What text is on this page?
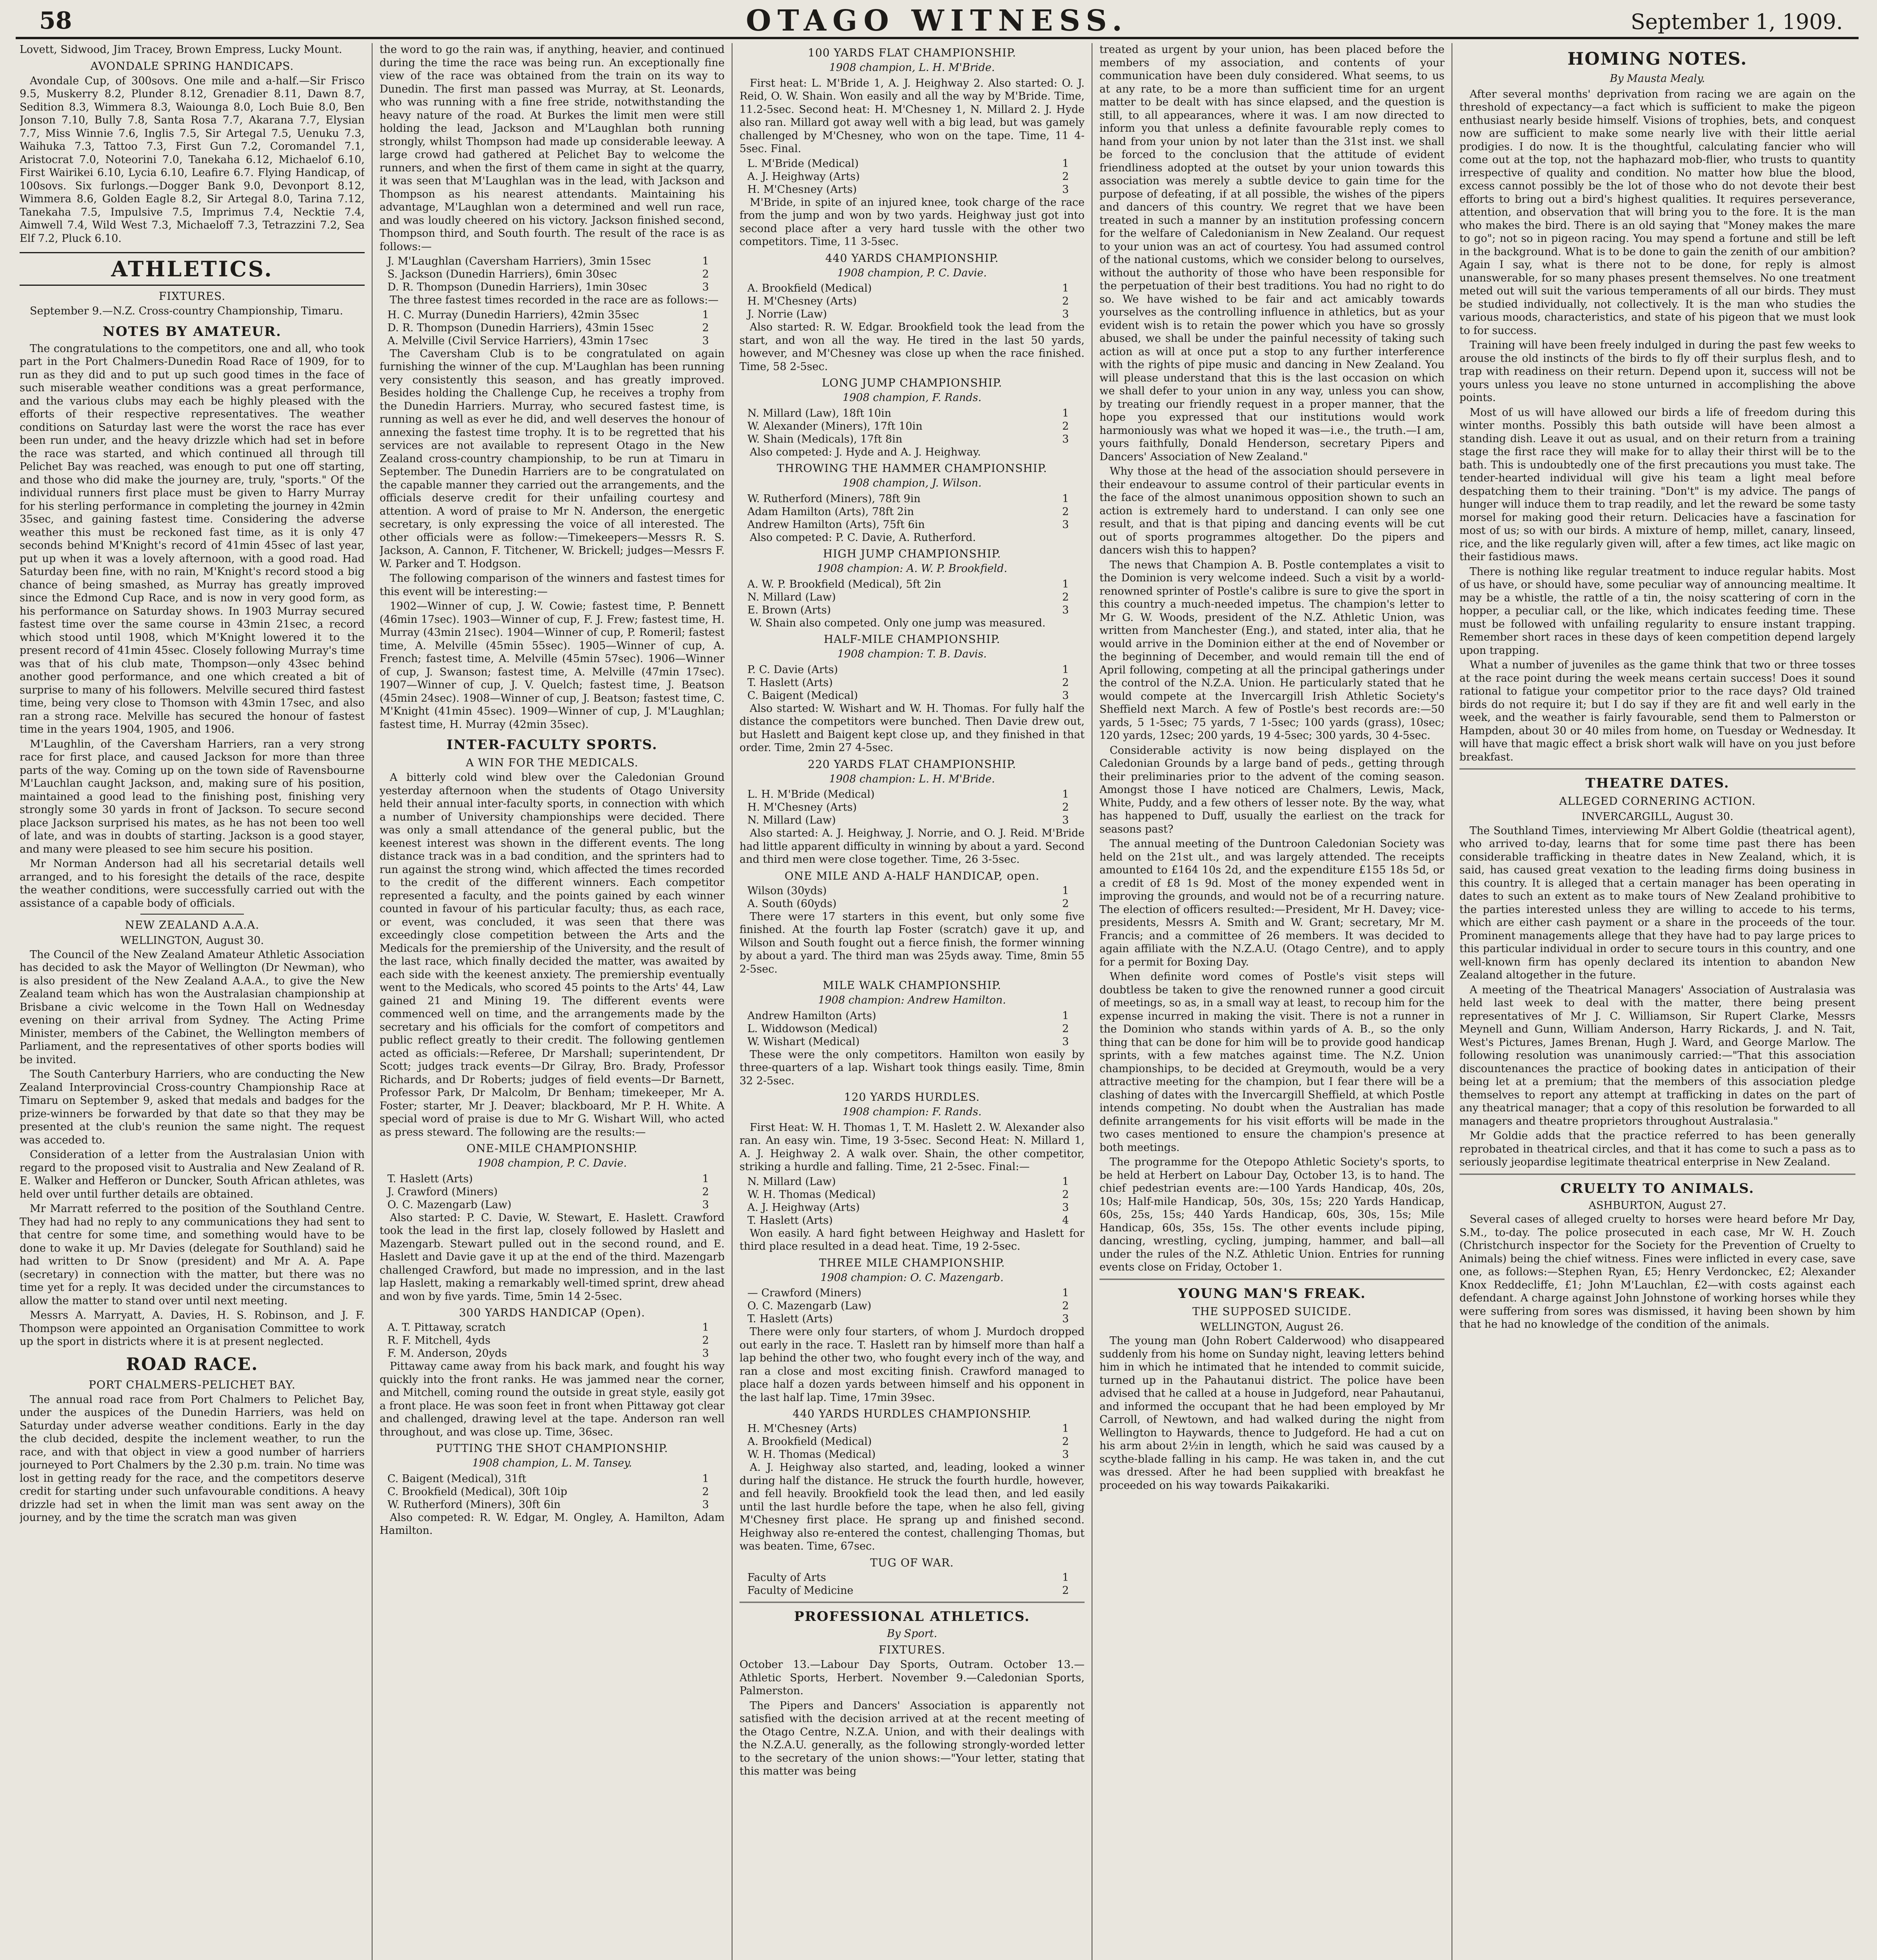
58	OTAGO WITNESS.	September 1, 1909.

Lovett, Sidwood, Jim Tracey, Brown Empress, Lucky Mount.

AVONDALE SPRING HANDICAPS.

Avondale Cup, of 300sovs. One mile and a-half.—Sir Frisco 9.5, Muskerry 8.2, Plunder 8.12, Grenadier 8.11, Dawn 8.7, Sedition 8.3, Wimmera 8.3, Waiounga 8.0, Loch Buie 8.0, Ben Jonson 7.10, Bully 7.8, Santa Rosa 7.7, Akarana 7.7, Elysian 7.7, Miss Winnie 7.6, Inglis 7.5, Sir Artegal 7.5, Uenuku 7.3, Waihuka 7.3, Tattoo 7.3, First Gun 7.2, Coromandel 7.1, Aristocrat 7.0, Noteorini 7.0, Tanekaha 6.12, Michaelof 6.10, First Wairikei 6.10, Lycia 6.10, Leafire 6.7. Flying Handicap, of 100sovs. Six furlongs.—Dogger Bank 9.0, Devonport 8.12, Wimmera 8.6, Golden Eagle 8.2, Sir Artegal 8.0, Tarina 7.12, Tanekaha 7.5, Impulsive 7.5, Imprimus 7.4, Necktie 7.4, Aimwell 7.4, Wild West 7.3, Michaeloff 7.3, Tetrazzini 7.2, Sea Elf 7.2, Pluck 6.10.

ATHLETICS.
FIXTURES.

September 9.—N.Z. Cross-country Championship, Timaru.

NOTES BY AMATEUR.

The congratulations to the competitors, one and all, who took part in the Port Chalmers-Dunedin Road Race of 1909, for to run as they did and to put up such good times in the face of such miserable weather conditions was a great performance, and the various clubs may each be highly pleased with the efforts of their respective representatives. The weather conditions on Saturday last were the worst the race has ever been run under, and the heavy drizzle which had set in before the race was started, and which continued all through till Pelichet Bay was reached, was enough to put one off starting, and those who did make the journey are, truly, "sports." Of the individual runners first place must be given to Harry Murray for his sterling performance in completing the journey in 42min 35sec, and gaining fastest time. Considering the adverse weather this must be reckoned fast time, as it is only 47 seconds behind M'Knight's record of 41min 45sec of last year, put up when it was a lovely afternoon, with a good road. Had Saturday been fine, with no rain, M'Knight's record stood a big chance of being smashed, as Murray has greatly improved since the Edmond Cup Race, and is now in very good form, as his performance on Saturday shows. In 1903 Murray secured fastest time over the same course in 43min 21sec, a record which stood until 1908, which M'Knight lowered it to the present record of 41min 45sec. Closely following Murray's time was that of his club mate, Thompson—only 43sec behind another good performance, and one which created a bit of surprise to many of his followers. Melville secured third fastest time, being very close to Thomson with 43min 17sec, and also ran a strong race. Melville has secured the honour of fastest time in the years 1904, 1905, and 1906.

M'Laughlin, of the Caversham Harriers, ran a very strong race for first place, and caused Jackson for more than three parts of the way. Coming up on the town side of Ravensbourne M'Lauchlan caught Jackson, and, making sure of his position, maintained a good lead to the finishing post, finishing very strongly some 30 yards in front of Jackson. To secure second place Jackson surprised his mates, as he has not been too well of late, and was in doubts of starting. Jackson is a good stayer, and many were pleased to see him secure his position.

Mr Norman Anderson had all his secretarial details well arranged, and to his foresight the details of the race, despite the weather conditions, were successfully carried out with the assistance of a capable body of officials.

NEW ZEALAND A.A.A.
WELLINGTON, August 30.

The Council of the New Zealand Amateur Athletic Association has decided to ask the Mayor of Wellington (Dr Newman), who is also president of the New Zealand A.A.A., to give the New Zealand team which has won the Australasian championship at Brisbane a civic welcome in the Town Hall on Wednesday evening on their arrival from Sydney. The Acting Prime Minister, members of the Cabinet, the Wellington members of Parliament, and the representatives of other sports bodies will be invited.

The South Canterbury Harriers, who are conducting the New Zealand Interprovincial Cross-country Championship Race at Timaru on September 9, asked that medals and badges for the prize-winners be forwarded by that date so that they may be presented at the club's reunion the same night. The request was acceded to.

Consideration of a letter from the Australasian Union with regard to the proposed visit to Australia and New Zealand of R. E. Walker and Hefferon or Duncker, South African athletes, was held over until further details are obtained.

Mr Marratt referred to the position of the Southland Centre. They had had no reply to any communications they had sent to that centre for some time, and something would have to be done to wake it up. Mr Davies (delegate for Southland) said he had written to Dr Snow (president) and Mr A. A. Pape (secretary) in connection with the matter, but there was no time yet for a reply. It was decided under the circumstances to allow the matter to stand over until next meeting.

Messrs A. Marryatt, A. Davies, H. S. Robinson, and J. F. Thompson were appointed an Organisation Committee to work up the sport in districts where it is at present neglected.

ROAD RACE.
PORT CHALMERS-PELICHET BAY.

The annual road race from Port Chalmers to Pelichet Bay, under the auspices of the Dunedin Harriers, was held on Saturday under adverse weather conditions. Early in the day the club decided, despite the inclement weather, to run the race, and with that object in view a good number of harriers journeyed to Port Chalmers by the 2.30 p.m. train. No time was lost in getting ready for the race, and the competitors deserve credit for starting under such unfavourable conditions. A heavy drizzle had set in when the limit man was sent away on the journey, and by the time the scratch man was given

the word to go the rain was, if anything, heavier, and continued during the time the race was being run. An exceptionally fine view of the race was obtained from the train on its way to Dunedin. The first man passed was Murray, at St. Leonards, who was running with a fine free stride, notwithstanding the heavy nature of the road. At Burkes the limit men were still holding the lead, Jackson and M'Laughlan both running strongly, whilst Thompson had made up considerable leeway. A large crowd had gathered at Pelichet Bay to welcome the runners, and when the first of them came in sight at the quarry, it was seen that M'Laughlan was in the lead, with Jackson and Thompson as his nearest attendants. Maintaining his advantage, M'Laughlan won a determined and well run race, and was loudly cheered on his victory. Jackson finished second, Thompson third, and South fourth. The result of the race is as follows:—

J. M'Laughlan (Caversham Harriers), 3min 15sec	1
S. Jackson (Dunedin Harriers), 6min 30sec	2
D. R. Thompson (Dunedin Harriers), 1min 30sec	3

The three fastest times recorded in the race are as follows:—

H. C. Murray (Dunedin Harriers), 42min 35sec	1
D. R. Thompson (Dunedin Harriers), 43min 15sec	2
A. Melville (Civil Service Harriers), 43min 17sec	3

The Caversham Club is to be congratulated on again furnishing the winner of the cup. M'Laughlan has been running very consistently this season, and has greatly improved. Besides holding the Challenge Cup, he receives a trophy from the Dunedin Harriers. Murray, who secured fastest time, is running as well as ever he did, and well deserves the honour of annexing the fastest time trophy. It is to be regretted that his services are not available to represent Otago in the New Zealand cross-country championship, to be run at Timaru in September. The Dunedin Harriers are to be congratulated on the capable manner they carried out the arrangements, and the officials deserve credit for their unfailing courtesy and attention. A word of praise to Mr N. Anderson, the energetic secretary, is only expressing the voice of all interested. The other officials were as follow:—Timekeepers—Messrs R. S. Jackson, A. Cannon, F. Titchener, W. Brickell; judges—Messrs F. W. Parker and T. Hodgson.

The following comparison of the winners and fastest times for this event will be interesting:—

1902—Winner of cup, J. W. Cowie; fastest time, P. Bennett (46min 17sec). 1903—Winner of cup, F. J. Frew; fastest time, H. Murray (43min 21sec). 1904—Winner of cup, P. Romeril; fastest time, A. Melville (45min 55sec). 1905—Winner of cup, A. French; fastest time, A. Melville (45min 57sec). 1906—Winner of cup, J. Swanson; fastest time, A. Melville (47min 17sec). 1907—Winner of cup, J. V. Quelch; fastest time, J. Beatson (45min 24sec). 1908—Winner of cup, J. Beatson; fastest time, C. M'Knight (41min 45sec). 1909—Winner of cup, J. M'Laughlan; fastest time, H. Murray (42min 35sec).

INTER-FACULTY SPORTS.
A WIN FOR THE MEDICALS.

A bitterly cold wind blew over the Caledonian Ground yesterday afternoon when the students of Otago University held their annual inter-faculty sports, in connection with which a number of University championships were decided. There was only a small attendance of the general public, but the keenest interest was shown in the different events. The long distance track was in a bad condition, and the sprinters had to run against the strong wind, which affected the times recorded to the credit of the different winners. Each competitor represented a faculty, and the points gained by each winner counted in favour of his particular faculty; thus, as each race, or event, was concluded, it was seen that there was exceedingly close competition between the Arts and the Medicals for the premiership of the University, and the result of the last race, which finally decided the matter, was awaited by each side with the keenest anxiety. The premiership eventually went to the Medicals, who scored 45 points to the Arts' 44, Law gained 21 and Mining 19. The different events were commenced well on time, and the arrangements made by the secretary and his officials for the comfort of competitors and public reflect greatly to their credit. The following gentlemen acted as officials:—Referee, Dr Marshall; superintendent, Dr Scott; judges track events—Dr Gilray, Bro. Brady, Professor Richards, and Dr Roberts; judges of field events—Dr Barnett, Professor Park, Dr Malcolm, Dr Benham; timekeeper, Mr A. Foster; starter, Mr J. Deaver; blackboard, Mr P. H. White. A special word of praise is due to Mr G. Wishart Will, who acted as press steward. The following are the results:—

ONE-MILE CHAMPIONSHIP.
1908 champion, P. C. Davie.
T. Haslett (Arts)	1
J. Crawford (Miners)	2
O. C. Mazengarb (Law)	3

Also started: P. C. Davie, W. Stewart, E. Haslett. Crawford took the lead in the first lap, closely followed by Haslett and Mazengarb. Stewart pulled out in the second round, and E. Haslett and Davie gave it up at the end of the third. Mazengarb challenged Crawford, but made no impression, and in the last lap Haslett, making a remarkably well-timed sprint, drew ahead and won by five yards. Time, 5min 14 2-5sec.

300 YARDS HANDICAP (Open).
A. T. Pittaway, scratch	1
R. F. Mitchell, 4yds	2
F. M. Anderson, 20yds	3

Pittaway came away from his back mark, and fought his way quickly into the front ranks. He was jammed near the corner, and Mitchell, coming round the outside in great style, easily got a front place. He was soon feet in front when Pittaway got clear and challenged, drawing level at the tape. Anderson ran well throughout, and was close up. Time, 36sec.

PUTTING THE SHOT CHAMPIONSHIP.
1908 champion, L. M. Tansey.
C. Baigent (Medical), 31ft	1
C. Brookfield (Medical), 30ft 10ip	2
W. Rutherford (Miners), 30ft 6in	3

Also competed: R. W. Edgar, M. Ongley, A. Hamilton, Adam Hamilton.

100 YARDS FLAT CHAMPIONSHIP.
1908 champion, L. H. M'Bride.

First heat: L. M'Bride 1, A. J. Heighway 2. Also started: O. J. Reid, O. W. Shain. Won easily and all the way by M'Bride. Time, 11.2-5sec. Second heat: H. M'Chesney 1, N. Millard 2. J. Hyde also ran. Millard got away well with a big lead, but was gamely challenged by M'Chesney, who won on the tape. Time, 11 4-5sec. Final.

L. M'Bride (Medical)	1
A. J. Heighway (Arts)	2
H. M'Chesney (Arts)	3

M'Bride, in spite of an injured knee, took charge of the race from the jump and won by two yards. Heighway just got into second place after a very hard tussle with the other two competitors. Time, 11 3-5sec.

440 YARDS CHAMPIONSHIP.
1908 champion, P. C. Davie.
A. Brookfield (Medical)	1
H. M'Chesney (Arts)	2
J. Norrie (Law)	3

Also started: R. W. Edgar. Brookfield took the lead from the start, and won all the way. He tired in the last 50 yards, however, and M'Chesney was close up when the race finished. Time, 58 2-5sec.

LONG JUMP CHAMPIONSHIP.
1908 champion, F. Rands.
N. Millard (Law), 18ft 10in	1
W. Alexander (Miners), 17ft 10in	2
W. Shain (Medicals), 17ft 8in	3

Also competed: J. Hyde and A. J. Heighway.

THROWING THE HAMMER CHAMPIONSHIP.
1908 champion, J. Wilson.
W. Rutherford (Miners), 78ft 9in	1
Adam Hamilton (Arts), 78ft 2in	2
Andrew Hamilton (Arts), 75ft 6in	3

Also competed: P. C. Davie, A. Rutherford.

HIGH JUMP CHAMPIONSHIP.
1908 champion: A. W. P. Brookfield.
A. W. P. Brookfield (Medical), 5ft 2in	1
N. Millard (Law)	2
E. Brown (Arts)	3

W. Shain also competed. Only one jump was measured.

HALF-MILE CHAMPIONSHIP.
1908 champion: T. B. Davis.
P. C. Davie (Arts)	1
T. Haslett (Arts)	2
C. Baigent (Medical)	3

Also started: W. Wishart and W. H. Thomas. For fully half the distance the competitors were bunched. Then Davie drew out, but Haslett and Baigent kept close up, and they finished in that order. Time, 2min 27 4-5sec.

220 YARDS FLAT CHAMPIONSHIP.
1908 champion: L. H. M'Bride.
L. H. M'Bride (Medical)	1
H. M'Chesney (Arts)	2
N. Millard (Law)	3

Also started: A. J. Heighway, J. Norrie, and O. J. Reid. M'Bride had little apparent difficulty in winning by about a yard. Second and third men were close together. Time, 26 3-5sec.

ONE MILE AND A-HALF HANDICAP, open.
Wilson (30yds)	1
A. South (60yds)	2

There were 17 starters in this event, but only some five finished. At the fourth lap Foster (scratch) gave it up, and Wilson and South fought out a fierce finish, the former winning by about a yard. The third man was 25yds away. Time, 8min 55 2-5sec.

MILE WALK CHAMPIONSHIP.
1908 champion: Andrew Hamilton.
Andrew Hamilton (Arts)	1
L. Widdowson (Medical)	2
W. Wishart (Medical)	3

These were the only competitors. Hamilton won easily by three-quarters of a lap. Wishart took things easily. Time, 8min 32 2-5sec.

120 YARDS HURDLES.
1908 champion: F. Rands.

First Heat: W. H. Thomas 1, T. M. Haslett 2. W. Alexander also ran. An easy win. Time, 19 3-5sec. Second Heat: N. Millard 1, A. J. Heighway 2. A walk over. Shain, the other competitor, striking a hurdle and falling. Time, 21 2-5sec. Final:—

N. Millard (Law)	1
W. H. Thomas (Medical)	2
A. J. Heighway (Arts)	3
T. Haslett (Arts)	4

Won easily. A hard fight between Heighway and Haslett for third place resulted in a dead heat. Time, 19 2-5sec.

THREE MILE CHAMPIONSHIP.
1908 champion: O. C. Mazengarb.
— Crawford (Miners)	1
O. C. Mazengarb (Law)	2
T. Haslett (Arts)	3

There were only four starters, of whom J. Murdoch dropped out early in the race. T. Haslett ran by himself more than half a lap behind the other two, who fought every inch of the way, and ran a close and most exciting finish. Crawford managed to place half a dozen yards between himself and his opponent in the last half lap. Time, 17min 39sec.

440 YARDS HURDLES CHAMPIONSHIP.
H. M'Chesney (Arts)	1
A. Brookfield (Medical)	2
W. H. Thomas (Medical)	3

A. J. Heighway also started, and, leading, looked a winner during half the distance. He struck the fourth hurdle, however, and fell heavily. Brookfield took the lead then, and led easily until the last hurdle before the tape, when he also fell, giving M'Chesney first place. He sprang up and finished second. Heighway also re-entered the contest, challenging Thomas, but was beaten. Time, 67sec.

TUG OF WAR.
Faculty of Arts	1
Faculty of Medicine	2
PROFESSIONAL ATHLETICS.
By Sport.
FIXTURES.

October 13.—Labour Day Sports, Outram. October 13.—Athletic Sports, Herbert. November 9.—Caledonian Sports, Palmerston.

The Pipers and Dancers' Association is apparently not satisfied with the decision arrived at at the recent meeting of the Otago Centre, N.Z.A. Union, and with their dealings with the N.Z.A.U. generally, as the following strongly-worded letter to the secretary of the union shows:—"Your letter, stating that this matter was being

treated as urgent by your union, has been placed before the members of my association, and contents of your communication have been duly considered. What seems, to us at any rate, to be a more than sufficient time for an urgent matter to be dealt with has since elapsed, and the question is still, to all appearances, where it was. I am now directed to inform you that unless a definite favourable reply comes to hand from your union by not later than the 31st inst. we shall be forced to the conclusion that the attitude of evident friendliness adopted at the outset by your union towards this association was merely a subtle device to gain time for the purpose of defeating, if at all possible, the wishes of the pipers and dancers of this country. We regret that we have been treated in such a manner by an institution professing concern for the welfare of Caledonianism in New Zealand. Our request to your union was an act of courtesy. You had assumed control of the national customs, which we consider belong to ourselves, without the authority of those who have been responsible for the perpetuation of their best traditions. You had no right to do so. We have wished to be fair and act amicably towards yourselves as the controlling influence in athletics, but as your evident wish is to retain the power which you have so grossly abused, we shall be under the painful necessity of taking such action as will at once put a stop to any further interference with the rights of pipe music and dancing in New Zealand. You will please understand that this is the last occasion on which we shall defer to your union in any way, unless you can show, by treating our friendly request in a proper manner, that the hope you expressed that our institutions would work harmoniously was what we hoped it was—i.e., the truth.—I am, yours faithfully, Donald Henderson, secretary Pipers and Dancers' Association of New Zealand."

Why those at the head of the association should persevere in their endeavour to assume control of their particular events in the face of the almost unanimous opposition shown to such an action is extremely hard to understand. I can only see one result, and that is that piping and dancing events will be cut out of sports programmes altogether. Do the pipers and dancers wish this to happen?

The news that Champion A. B. Postle contemplates a visit to the Dominion is very welcome indeed. Such a visit by a world-renowned sprinter of Postle's calibre is sure to give the sport in this country a much-needed impetus. The champion's letter to Mr G. W. Woods, president of the N.Z. Athletic Union, was written from Manchester (Eng.), and stated, inter alia, that he would arrive in the Dominion either at the end of November or the beginning of December, and would remain till the end of April following, competing at all the principal gatherings under the control of the N.Z.A. Union. He particularly stated that he would compete at the Invercargill Irish Athletic Society's Sheffield next March. A few of Postle's best records are:—50 yards, 5 1-5sec; 75 yards, 7 1-5sec; 100 yards (grass), 10sec; 120 yards, 12sec; 200 yards, 19 4-5sec; 300 yards, 30 4-5sec.

Considerable activity is now being displayed on the Caledonian Grounds by a large band of peds., getting through their preliminaries prior to the advent of the coming season. Amongst those I have noticed are Chalmers, Lewis, Mack, White, Puddy, and a few others of lesser note. By the way, what has happened to Duff, usually the earliest on the track for seasons past?

The annual meeting of the Duntroon Caledonian Society was held on the 21st ult., and was largely attended. The receipts amounted to £164 10s 2d, and the expenditure £155 18s 5d, or a credit of £8 1s 9d. Most of the money expended went in improving the grounds, and would not be of a recurring nature. The election of officers resulted:—President, Mr H. Davey; vice-presidents, Messrs A. Smith and W. Grant; secretary, Mr M. Francis; and a committee of 26 members. It was decided to again affiliate with the N.Z.A.U. (Otago Centre), and to apply for a permit for Boxing Day.

When definite word comes of Postle's visit steps will doubtless be taken to give the renowned runner a good circuit of meetings, so as, in a small way at least, to recoup him for the expense incurred in making the visit. There is not a runner in the Dominion who stands within yards of A. B., so the only thing that can be done for him will be to provide good handicap sprints, with a few matches against time. The N.Z. Union championships, to be decided at Greymouth, would be a very attractive meeting for the champion, but I fear there will be a clashing of dates with the Invercargill Sheffield, at which Postle intends competing. No doubt when the Australian has made definite arrangements for his visit efforts will be made in the two cases mentioned to ensure the champion's presence at both meetings.

The programme for the Otepopo Athletic Society's sports, to be held at Herbert on Labour Day, October 13, is to hand. The chief pedestrian events are:—100 Yards Handicap, 40s, 20s, 10s; Half-mile Handicap, 50s, 30s, 15s; 220 Yards Handicap, 60s, 25s, 15s; 440 Yards Handicap, 60s, 30s, 15s; Mile Handicap, 60s, 35s, 15s. The other events include piping, dancing, wrestling, cycling, jumping, hammer, and ball—all under the rules of the N.Z. Athletic Union. Entries for running events close on Friday, October 1.

YOUNG MAN'S FREAK.
THE SUPPOSED SUICIDE.
WELLINGTON, August 26.

The young man (John Robert Calderwood) who disappeared suddenly from his home on Sunday night, leaving letters behind him in which he intimated that he intended to commit suicide, turned up in the Pahautanui district. The police have been advised that he called at a house in Judgeford, near Pahautanui, and informed the occupant that he had been employed by Mr Carroll, of Newtown, and had walked during the night from Wellington to Haywards, thence to Judgeford. He had a cut on his arm about 2½in in length, which he said was caused by a scythe-blade falling in his camp. He was taken in, and the cut was dressed. After he had been supplied with breakfast he proceeded on his way towards Paikakariki.

HOMING NOTES.
By Mausta Mealy.

After several months' deprivation from racing we are again on the threshold of expectancy—a fact which is sufficient to make the pigeon enthusiast nearly beside himself. Visions of trophies, bets, and conquest now are sufficient to make some nearly live with their little aerial prodigies. I do now. It is the thoughtful, calculating fancier who will come out at the top, not the haphazard mob-flier, who trusts to quantity irrespective of quality and condition. No matter how blue the blood, excess cannot possibly be the lot of those who do not devote their best efforts to bring out a bird's highest qualities. It requires perseverance, attention, and observation that will bring you to the fore. It is the man who makes the bird. There is an old saying that "Money makes the mare to go"; not so in pigeon racing. You may spend a fortune and still be left in the background. What is to be done to gain the zenith of our ambition? Again I say, what is there not to be done, for reply is almost unanswerable, for so many phases present themselves. No one treatment meted out will suit the various temperaments of all our birds. They must be studied individually, not collectively. It is the man who studies the various moods, characteristics, and state of his pigeon that we must look to for success.

Training will have been freely indulged in during the past few weeks to arouse the old instincts of the birds to fly off their surplus flesh, and to trap with readiness on their return. Depend upon it, success will not be yours unless you leave no stone unturned in accomplishing the above points.

Most of us will have allowed our birds a life of freedom during this winter months. Possibly this bath outside will have been almost a standing dish. Leave it out as usual, and on their return from a training stage the first race they will make for to allay their thirst will be to the bath. This is undoubtedly one of the first precautions you must take. The tender-hearted individual will give his team a light meal before despatching them to their training. "Don't" is my advice. The pangs of hunger will induce them to trap readily, and let the reward be some tasty morsel for making good their return. Delicacies have a fascination for most of us; so with our birds. A mixture of hemp, millet, canary, linseed, rice, and the like regularly given will, after a few times, act like magic on their fastidious maws.

There is nothing like regular treatment to induce regular habits. Most of us have, or should have, some peculiar way of announcing mealtime. It may be a whistle, the rattle of a tin, the noisy scattering of corn in the hopper, a peculiar call, or the like, which indicates feeding time. These must be followed with unfailing regularity to ensure instant trapping. Remember short races in these days of keen competition depend largely upon trapping.

What a number of juveniles as the game think that two or three tosses at the race point during the week means certain success! Does it sound rational to fatigue your competitor prior to the race days? Old trained birds do not require it; but I do say if they are fit and well early in the week, and the weather is fairly favourable, send them to Palmerston or Hampden, about 30 or 40 miles from home, on Tuesday or Wednesday. It will have that magic effect a brisk short walk will have on you just before breakfast.

THEATRE DATES.
ALLEGED CORNERING ACTION.
INVERCARGILL, August 30.

The Southland Times, interviewing Mr Albert Goldie (theatrical agent), who arrived to-day, learns that for some time past there has been considerable trafficking in theatre dates in New Zealand, which, it is said, has caused great vexation to the leading firms doing business in this country. It is alleged that a certain manager has been operating in dates to such an extent as to make tours of New Zealand prohibitive to the parties interested unless they are willing to accede to his terms, which are either cash payment or a share in the proceeds of the tour. Prominent managements allege that they have had to pay large prices to this particular individual in order to secure tours in this country, and one well-known firm has openly declared its intention to abandon New Zealand altogether in the future.

A meeting of the Theatrical Managers' Association of Australasia was held last week to deal with the matter, there being present representatives of Mr J. C. Williamson, Sir Rupert Clarke, Messrs Meynell and Gunn, William Anderson, Harry Rickards, J. and N. Tait, West's Pictures, James Brenan, Hugh J. Ward, and George Marlow. The following resolution was unanimously carried:—"That this association discountenances the practice of booking dates in anticipation of their being let at a premium; that the members of this association pledge themselves to report any attempt at trafficking in dates on the part of any theatrical manager; that a copy of this resolution be forwarded to all managers and theatre proprietors throughout Australasia."

Mr Goldie adds that the practice referred to has been generally reprobated in theatrical circles, and that it has come to such a pass as to seriously jeopardise legitimate theatrical enterprise in New Zealand.

CRUELTY TO ANIMALS.
ASHBURTON, August 27.

Several cases of alleged cruelty to horses were heard before Mr Day, S.M., to-day. The police prosecuted in each case, Mr W. H. Zouch (Christchurch inspector for the Society for the Prevention of Cruelty to Animals) being the chief witness. Fines were inflicted in every case, save one, as follows:—Stephen Ryan, £5; Henry Verdonckec, £2; Alexander Knox Reddecliffe, £1; John M'Lauchlan, £2—with costs against each defendant. A charge against John Johnstone of working horses while they were suffering from sores was dismissed, it having been shown by him that he had no knowledge of the condition of the animals.
